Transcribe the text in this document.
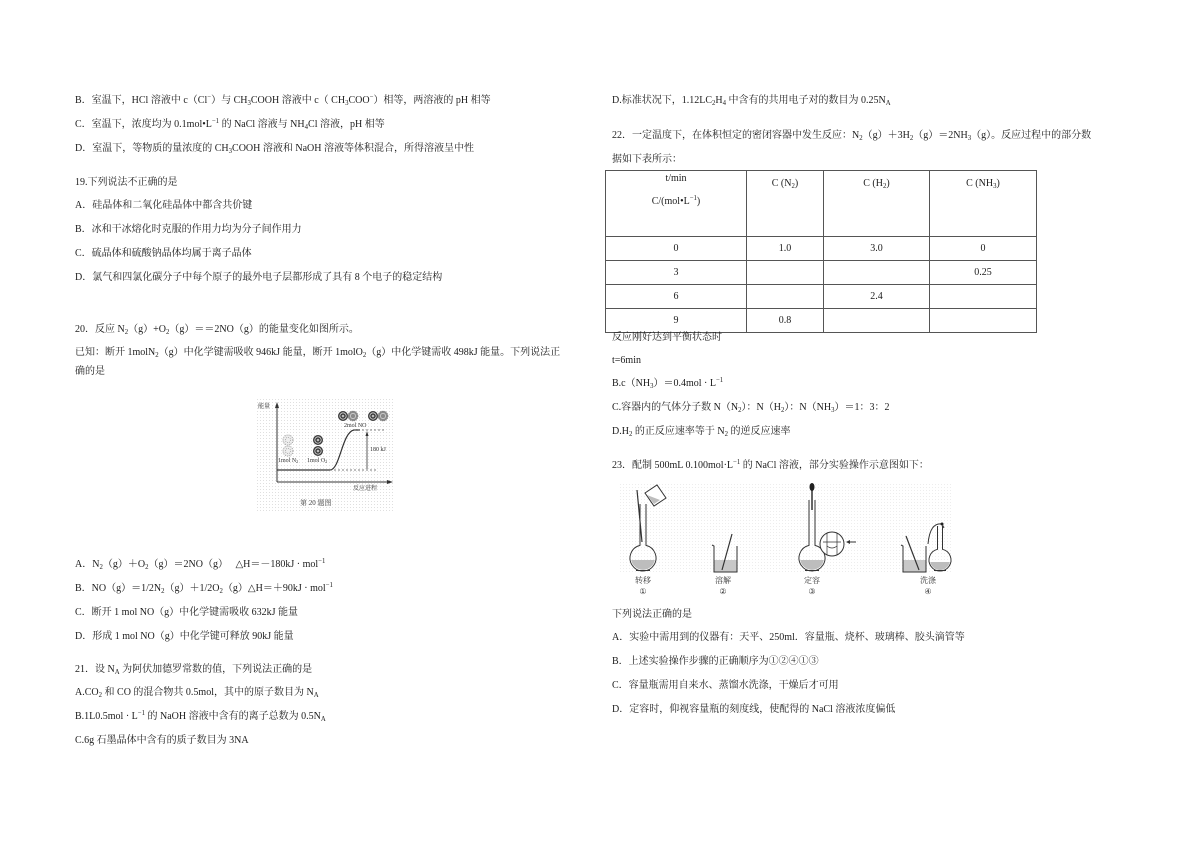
B．室温下，HCl 溶液中 c（Cl−）与 $CH_3COOH$ 溶液中 c（ $CH_3COO^-$）相等，两溶液的 pH 相等
C．室温下，浓度均为 $0.1mol•L^{-1}$ 的 NaCl 溶液与 $NH_4Cl$ 溶液，pH 相等
D．室温下，等物质的量浓度的 $CH_3COOH$ 溶液和 NaOH 溶液等体积混合，所得溶液呈中性
19.下列说法不正确的是
A．硅晶体和二氧化硅晶体中都含共价键
B．冰和干冰熔化时克服的作用力均为分子间作用力
C．硫晶体和硫酸钠晶体均属于离子晶体
D．氯气和四氯化碳分子中每个原子的最外电子层都形成了具有 8 个电子的稳定结构
20．反应 $N_2(g)+O_2(g)==2NO(g)$的能量变化如图所示。
已知：断开 1molN$_2$（g）中化学键需吸收 946kJ 能量，断开 1molO$_2$（g）中化学键需收 498kJ 能量。下列说法正
确的是
能量
2mol NO
180 kJ
1mol $N_2$ 1mol $O_2$
反应进程
第 20 题图
A．$N_2(g)+O_2(g)=2NO(g)$   △H＝－180kJ · mol$^{-1}$
B．$NO(g)=1/2N_2(g)+1/2O_2(g)\triangle H=+90kJ \cdot mol^{-1}$
C．断开 1 mol NO（g）中化学键需吸收 632kJ 能量
D．形成 1 mol NO（g）中化学键可释放 90kJ 能量
21．设 $N_A$ 为阿伏加德罗常数的值，下列说法正确的是
$A.CO_2$ 和 CO 的混合物共 0.5mol，其中的原子数目为 $N_A$
$B.1L0.5mol \cdot L^{-1}$ 的 NaOH 溶液中含有的离子总数为 $0.5N_A$
C.6g 石墨晶体中含有的质子数目为 3NA
D.标准状况下，$1.12LC_2H_4$ 中含有的共用电子对的数目为 $0.25N_A$
22．一定温度下，在体积恒定的密闭容器中发生反应：$N_2(g)+3H_2(g)=2NH_3(g)$。反应过程中的部分数
据如下表所示：

t/min

$C/(mol•L^{-1})$	C $(N_2)$	C $(H_2)$	C $(NH_3)$
0	1.0	3.0	0
3			0.25
6		2.4	
9	0.8		
反应刚好达到平衡状态时
t=6min
$B.c(NH_3)=0.4mol \cdot L^{-1}$
C.容器内的气体分子数 $N(N_2)$：$N(H_2)$：$N(NH_3)=1$：3：2
$D.H_2$ 的正反应速率等于 $N_2$ 的逆反应速率
23．配制 500mL $0.100mol\cdot L^{-1}$ 的 NaCl 溶液，部分实验操作示意图如下：
转移
①
溶解
②
定容
③
洗涤
④
下列说法正确的是
A．实验中需用到的仪器有：天平、250ml．容量瓶、烧杯、玻璃棒、胶头滴管等
B．上述实验操作步骤的正确顺序为①②④①③
C．容量瓶需用自来水、蒸馏水洗涤，干燥后才可用
D．定容时，仰视容量瓶的刻度线，使配得的 NaCl 溶液浓度偏低
